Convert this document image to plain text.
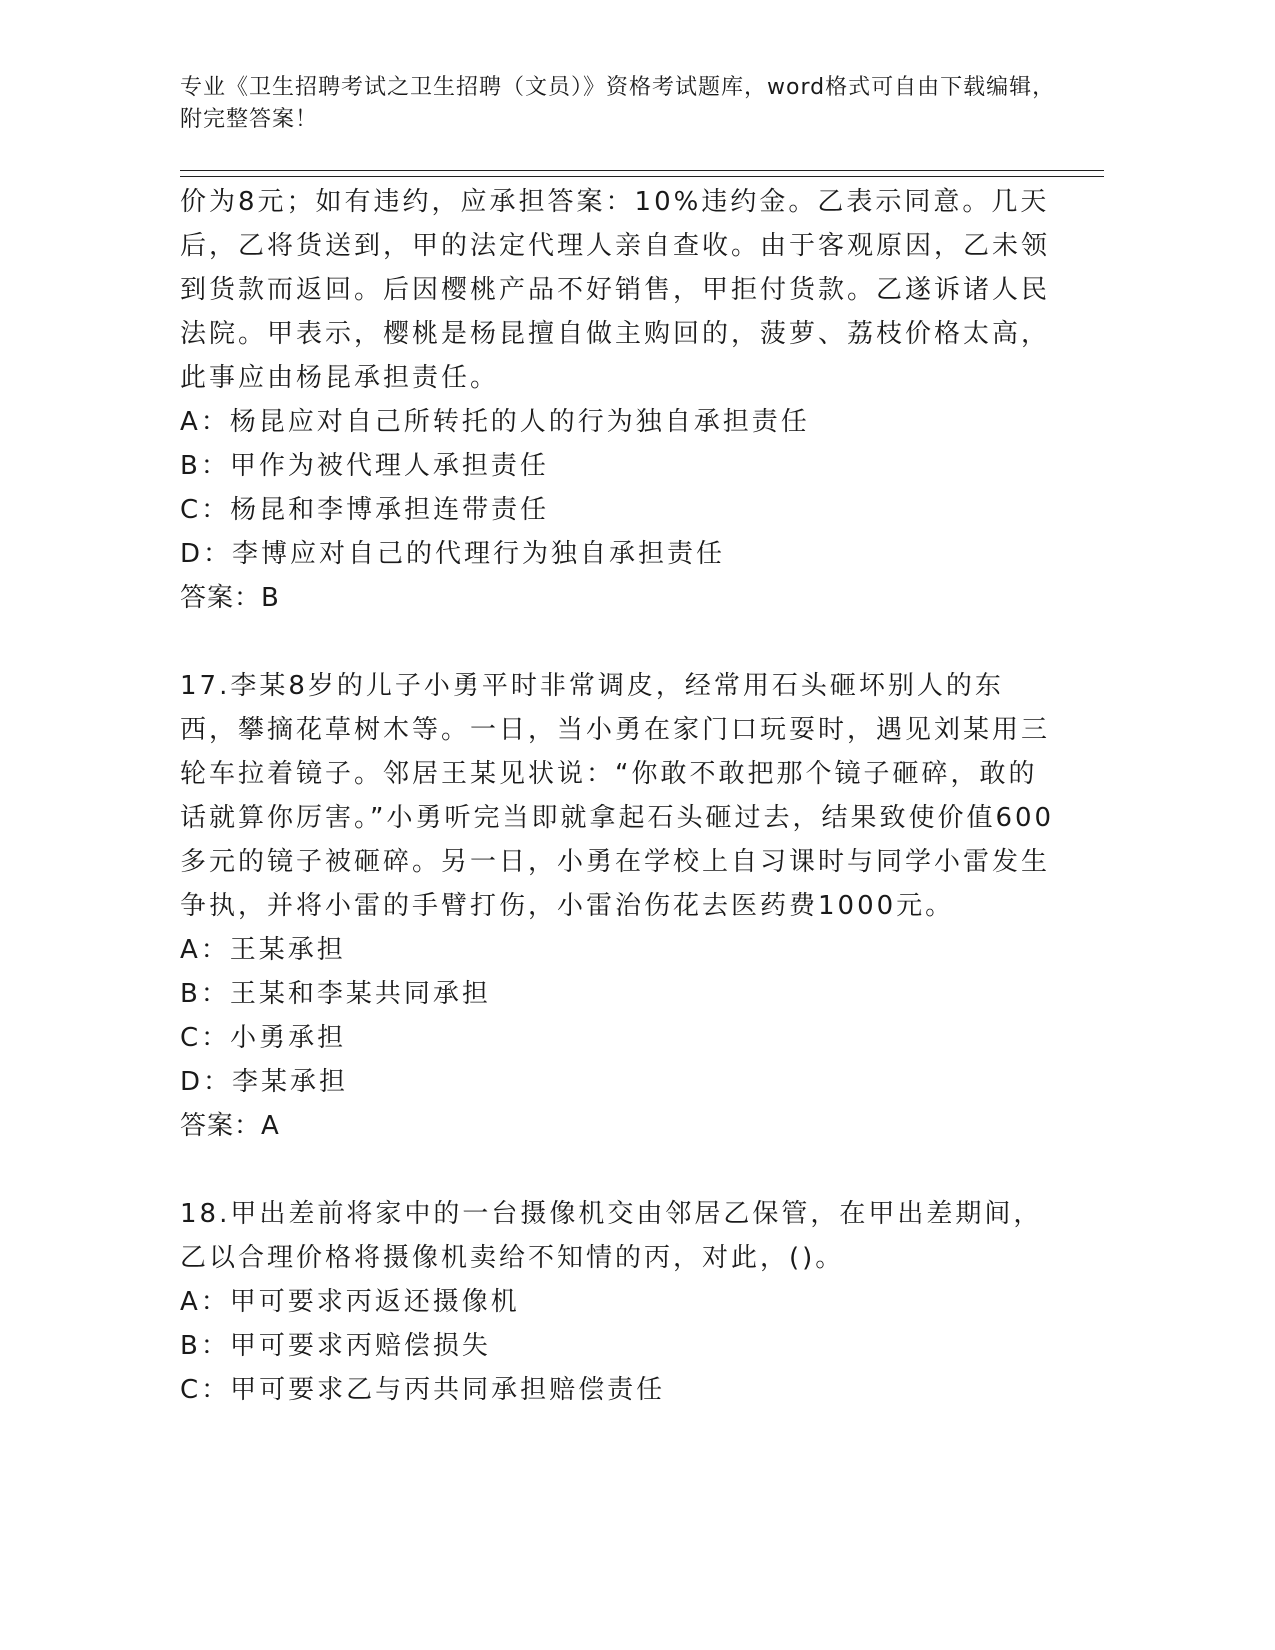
专业《卫生招聘考试之卫生招聘（文员）》资格考试题库，word格式可自由下载编辑，附完整答案！

价为8元；如有违约，应承担答案：10%违约金。乙表示同意。几天后，乙将货送到，甲的法定代理人亲自查收。由于客观原因，乙未领到货款而返回。后因樱桃产品不好销售，甲拒付货款。乙遂诉诸人民法院。甲表示，樱桃是杨昆擅自做主购回的，菠萝、荔枝价格太高，此事应由杨昆承担责任。

A：杨昆应对自己所转托的人的行为独自承担责任

B：甲作为被代理人承担责任

C：杨昆和李博承担连带责任

D：李博应对自己的代理行为独自承担责任

答案：B

17.李某8岁的儿子小勇平时非常调皮，经常用石头砸坏别人的东西，攀摘花草树木等。一日，当小勇在家门口玩耍时，遇见刘某用三轮车拉着镜子。邻居王某见状说：“你敢不敢把那个镜子砸碎，敢的话就算你厉害。”小勇听完当即就拿起石头砸过去，结果致使价值600多元的镜子被砸碎。另一日，小勇在学校上自习课时与同学小雷发生争执，并将小雷的手臂打伤，小雷治伤花去医药费1000元。

A：王某承担

B：王某和李某共同承担

C：小勇承担

D：李某承担

答案：A

18.甲出差前将家中的一台摄像机交由邻居乙保管，在甲出差期间，乙以合理价格将摄像机卖给不知情的丙，对此，()。

A：甲可要求丙返还摄像机

B：甲可要求丙赔偿损失

C：甲可要求乙与丙共同承担赔偿责任
